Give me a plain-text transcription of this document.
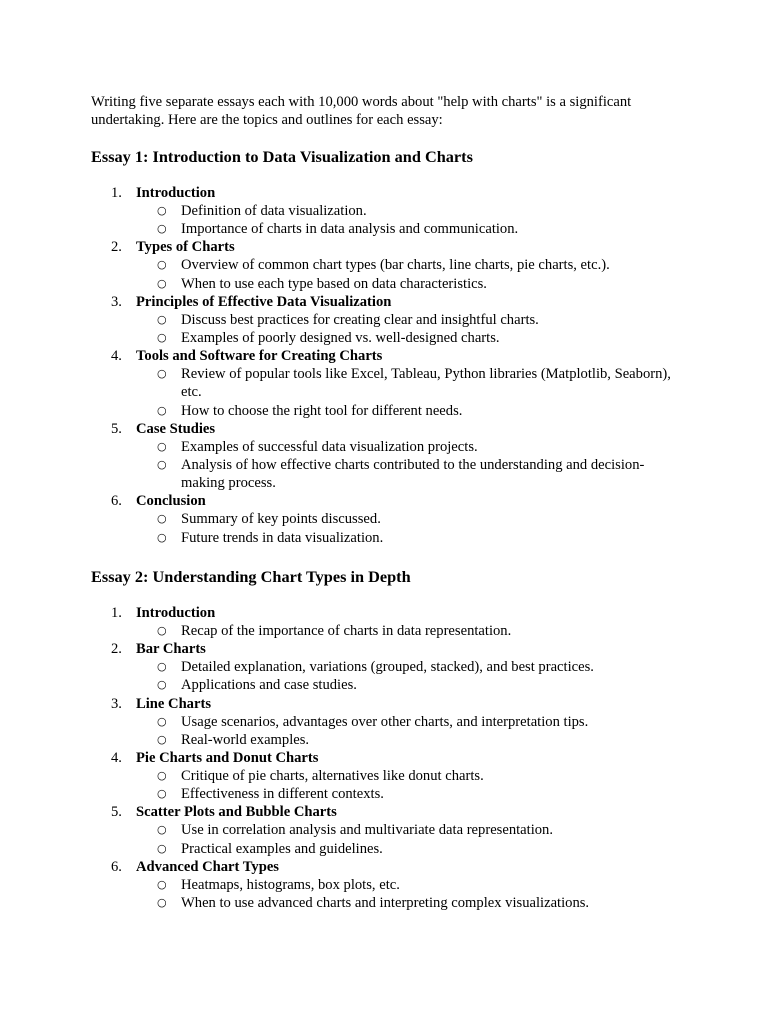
Writing five separate essays each with 10,000 words about "help with charts" is a significant undertaking. Here are the topics and outlines for each essay:

Essay 1: Introduction to Data Visualization and Charts
1. Introduction
○ Definition of data visualization.
○ Importance of charts in data analysis and communication.
2. Types of Charts
○ Overview of common chart types (bar charts, line charts, pie charts, etc.).
○ When to use each type based on data characteristics.
3. Principles of Effective Data Visualization
○ Discuss best practices for creating clear and insightful charts.
○ Examples of poorly designed vs. well-designed charts.
4. Tools and Software for Creating Charts
○ Review of popular tools like Excel, Tableau, Python libraries (Matplotlib, Seaborn), etc.
○ How to choose the right tool for different needs.
5. Case Studies
○ Examples of successful data visualization projects.
○ Analysis of how effective charts contributed to the understanding and decision-making process.
6. Conclusion
○ Summary of key points discussed.
○ Future trends in data visualization.
Essay 2: Understanding Chart Types in Depth
1. Introduction
○ Recap of the importance of charts in data representation.
2. Bar Charts
○ Detailed explanation, variations (grouped, stacked), and best practices.
○ Applications and case studies.
3. Line Charts
○ Usage scenarios, advantages over other charts, and interpretation tips.
○ Real-world examples.
4. Pie Charts and Donut Charts
○ Critique of pie charts, alternatives like donut charts.
○ Effectiveness in different contexts.
5. Scatter Plots and Bubble Charts
○ Use in correlation analysis and multivariate data representation.
○ Practical examples and guidelines.
6. Advanced Chart Types
○ Heatmaps, histograms, box plots, etc.
○ When to use advanced charts and interpreting complex visualizations.
